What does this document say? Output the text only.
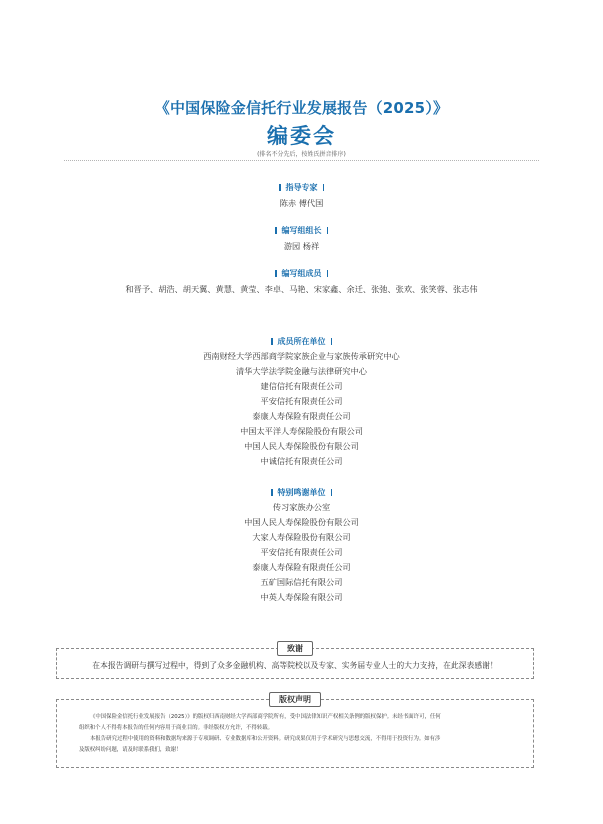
《中国保险金信托行业发展报告（2025）》
编委会
(排名不分先后，按姓氏拼音排序)
指导专家
陈赤 傅代国
编写组组长
游园 杨祥
编写组成员
和晋予、胡浩、胡天翼、黄慧、黄莹、李卓、马艳、宋家鑫、余迁、张弛、张欢、张笑蓉、张志伟
成员所在单位
西南财经大学西部商学院家族企业与家族传承研究中心
清华大学法学院金融与法律研究中心
建信信托有限责任公司
平安信托有限责任公司
泰康人寿保险有限责任公司
中国太平洋人寿保险股份有限公司
中国人民人寿保险股份有限公司
中诚信托有限责任公司
特别鸣谢单位
传习家族办公室
中国人民人寿保险股份有限公司
大家人寿保险股份有限公司
平安信托有限责任公司
泰康人寿保险有限责任公司
五矿国际信托有限公司
中英人寿保险有限公司
致谢
在本报告调研与撰写过程中，得到了众多金融机构、高等院校以及专家、实务届专业人士的大力支持，在此深表感谢！
版权声明
《中国保险金信托行业发展报告（2025）》的版权归西南财经大学西部商学院所有，受中国法律知识产权相关条例的版权保护。未经书面许可，任何
组织和个人不得将本报告的任何内容用于商业目的。非经版权方允许，不得转载。
本报告研究过程中使用的资料和数据均来源于专项调研、专业数据库和公开资料。研究成果仅用于学术研究与思想交流，不得用于投资行为。如有涉
及版权纠纷问题，请及时联系我们，致谢！
